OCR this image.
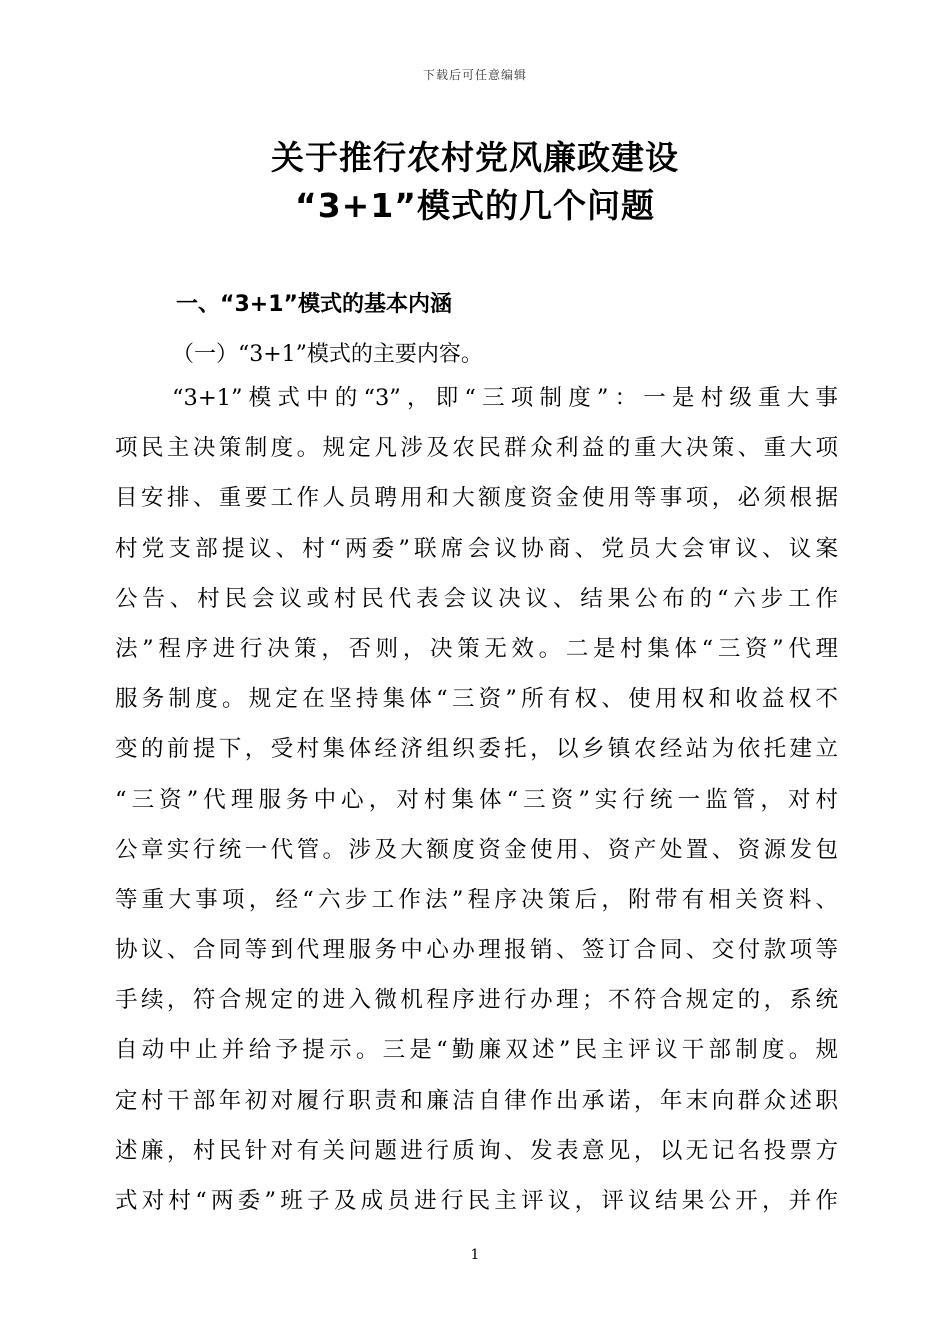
下载后可任意编辑
关于推行农村党风廉政建设
“3+1”模式的几个问题
一、“3+1”模式的基本内涵
（一）“3+1”模式的主要内容。
“3+1”模式中的“3”，即“三项制度”：一是村级重大事
项民主决策制度。规定凡涉及农民群众利益的重大决策、重大项
目安排、重要工作人员聘用和大额度资金使用等事项，必须根据
村党支部提议、村“两委”联席会议协商、党员大会审议、议案
公告、村民会议或村民代表会议决议、结果公布的“六步工作
法”程序进行决策，否则，决策无效。二是村集体“三资”代理
服务制度。规定在坚持集体“三资”所有权、使用权和收益权不
变的前提下，受村集体经济组织委托，以乡镇农经站为依托建立
“三资”代理服务中心，对村集体“三资”实行统一监管，对村
公章实行统一代管。涉及大额度资金使用、资产处置、资源发包
等重大事项，经“六步工作法”程序决策后，附带有相关资料、
协议、合同等到代理服务中心办理报销、签订合同、交付款项等
手续，符合规定的进入微机程序进行办理；不符合规定的，系统
自动中止并给予提示。三是“勤廉双述”民主评议干部制度。规
定村干部年初对履行职责和廉洁自律作出承诺，年末向群众述职
述廉，村民针对有关问题进行质询、发表意见，以无记名投票方
式对村“两委”班子及成员进行民主评议，评议结果公开，并作
1
